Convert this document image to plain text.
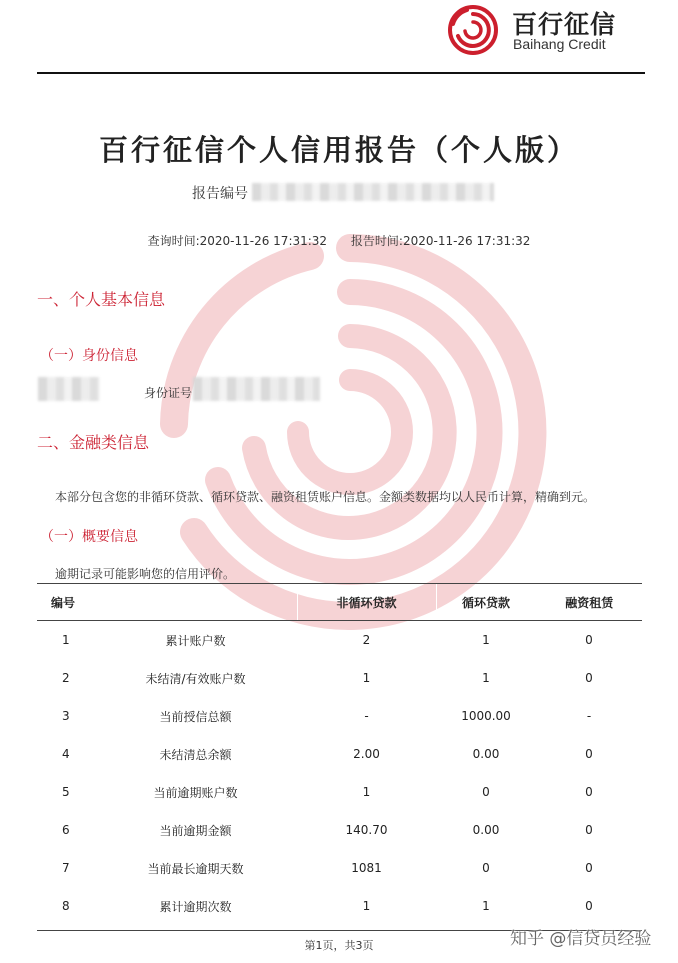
百行征信
Baihang Credit
百行征信个人信用报告（个人版）
报告编号
查询时间:2020-11-26 17:31:32 报告时间:2020-11-26 17:31:32
一、个人基本信息
（一）身份信息
身份证号
二、金融类信息
本部分包含您的非循环贷款、循环贷款、融资租赁账户信息。金额类数据均以人民币计算，精确到元。
（一）概要信息
逾期记录可能影响您的信用评价。
编号		非循环贷款	循环贷款	融资租赁
1	累计账户数	2	1	0
2	未结清/有效账户数	1	1	0
3	当前授信总额	-	1000.00	-
4	未结清总余额	2.00	0.00	0
5	当前逾期账户数	1	0	0
6	当前逾期金额	140.70	0.00	0
7	当前最长逾期天数	1081	0	0
8	累计逾期次数	1	1	0
第1页，共3页	知乎 @信贷员经验
